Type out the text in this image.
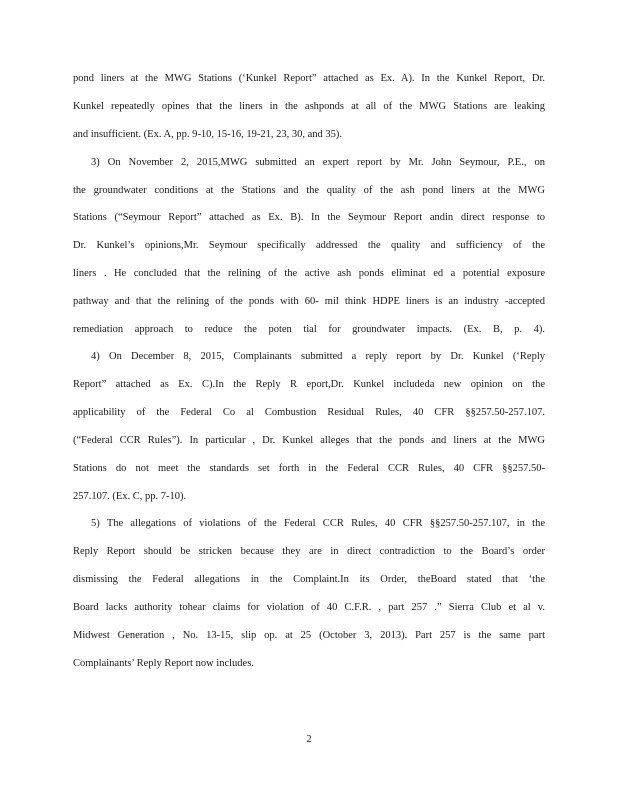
pond liners at the MWG Stations (‘Kunkel Report” attached as Ex. A). In the Kunkel Report, Dr.
Kunkel repeatedly opines that the liners in the ashponds at all of the MWG Stations are leaking
and insufficient. (Ex. A, pp. 9-10, 15-16, 19-21, 23, 30, and 35).
3) On November 2, 2015,MWG submitted an expert report by Mr. John Seymour, P.E., on
the groundwater conditions at the Stations and the quality of the ash pond liners at the MWG
Stations (“Seymour Report” attached as Ex. B). In the Seymour Report andin direct response to
Dr. Kunkel’s opinions,Mr. Seymour specifically addressed the quality and sufficiency of the
liners . He concluded that the relining of the active ash ponds eliminat ed a potential exposure
pathway and that the relining of the ponds with 60- mil think HDPE liners is an industry -accepted
remediation approach to reduce the poten tial for groundwater impacts. (Ex. B, p. 4).
4) On December 8, 2015, Complainants submitted a reply report by Dr. Kunkel (‘Reply
Report” attached as Ex. C).In the Reply R eport,Dr. Kunkel includeda new opinion on the
applicability of the Federal Co al Combustion Residual Rules, 40 CFR §§257.50-257.107.
(“Federal CCR Rules”). In particular , Dr. Kunkel alleges that the ponds and liners at the MWG
Stations do not meet the standards set forth in the Federal CCR Rules, 40 CFR §§257.50-
257.107. (Ex. C, pp. 7-10).
5) The allegations of violations of the Federal CCR Rules, 40 CFR §§257.50-257.107, in the
Reply Report should be stricken because they are in direct contradiction to the Board’s order
dismissing the Federal allegations in the Complaint.In its Order, theBoard stated that ‘the
Board lacks authority tohear claims for violation of 40 C.F.R. , part 257 .” Sierra Club et al v.
Midwest Generation , No. 13-15, slip op. at 25 (October 3, 2013). Part 257 is the same part
Complainants’ Reply Report now includes.
2
